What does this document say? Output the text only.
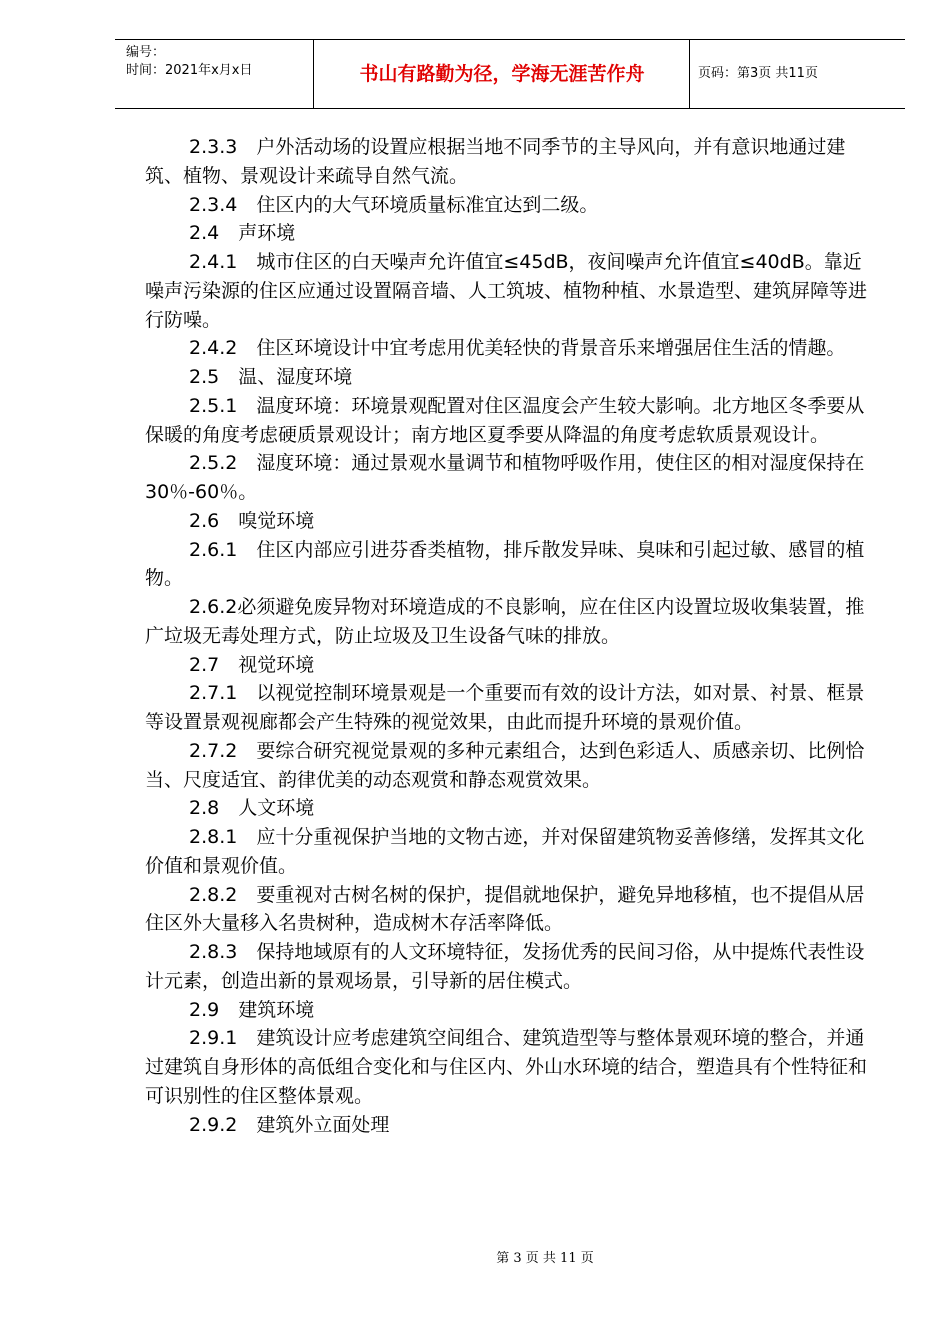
编号：
时间：2021年x月x日	书山有路勤为径，学海无涯苦作舟	页码：第3页 共11页

2.3.3　户外活动场的设置应根据当地不同季节的主导风向，并有意识地通过建筑、植物、景观设计来疏导自然气流。

2.3.4　住区内的大气环境质量标准宜达到二级。

2.4　声环境

2.4.1　城市住区的白天噪声允许值宜≤45dB，夜间噪声允许值宜≤40dB。靠近噪声污染源的住区应通过设置隔音墙、人工筑坡、植物种植、水景造型、建筑屏障等进行防噪。

2.4.2　住区环境设计中宜考虑用优美轻快的背景音乐来增强居住生活的情趣。

2.5　温、湿度环境

2.5.1　温度环境：环境景观配置对住区温度会产生较大影响。北方地区冬季要从保暖的角度考虑硬质景观设计；南方地区夏季要从降温的角度考虑软质景观设计。

2.5.2　湿度环境：通过景观水量调节和植物呼吸作用，使住区的相对湿度保持在30％-60％。

2.6　嗅觉环境

2.6.1　住区内部应引进芬香类植物，排斥散发异味、臭味和引起过敏、感冒的植物。

2.6.2必须避免废异物对环境造成的不良影响，应在住区内设置垃圾收集装置，推广垃圾无毒处理方式，防止垃圾及卫生设备气味的排放。

2.7　视觉环境

2.7.1　以视觉控制环境景观是一个重要而有效的设计方法，如对景、衬景、框景等设置景观视廊都会产生特殊的视觉效果，由此而提升环境的景观价值。

2.7.2　要综合研究视觉景观的多种元素组合，达到色彩适人、质感亲切、比例恰当、尺度适宜、韵律优美的动态观赏和静态观赏效果。

2.8　人文环境

2.8.1　应十分重视保护当地的文物古迹，并对保留建筑物妥善修缮，发挥其文化价值和景观价值。

2.8.2　要重视对古树名树的保护，提倡就地保护，避免异地移植，也不提倡从居住区外大量移入名贵树种，造成树木存活率降低。

2.8.3　保持地域原有的人文环境特征，发扬优秀的民间习俗，从中提炼代表性设计元素，创造出新的景观场景，引导新的居住模式。

2.9　建筑环境

2.9.1　建筑设计应考虑建筑空间组合、建筑造型等与整体景观环境的整合，并通过建筑自身形体的高低组合变化和与住区内、外山水环境的结合，塑造具有个性特征和可识别性的住区整体景观。

2.9.2　建筑外立面处理

第 3 页 共 11 页
